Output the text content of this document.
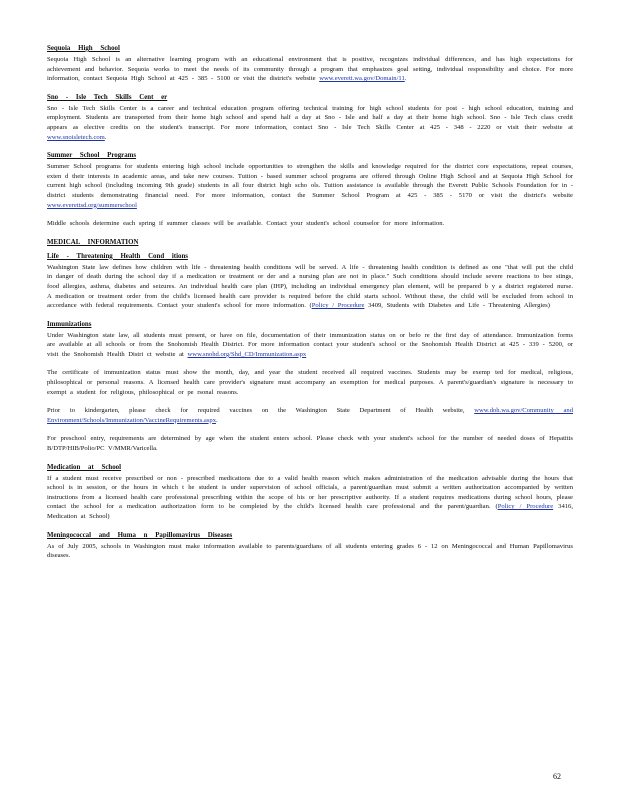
Sequoia High School

Sequoia High School is an alternative learning program with an educational environment that is positive, recognizes individual differences, and has high expectations for achievement and behavior. Sequoia works to meet the needs of its community through a program that emphasizes goal setting, individual responsibility and choice. For more information, contact Sequoia High School at 425 - 385 - 5100 or visit the district's website www.everett.wa.gov/Domain/11.

Sno - Isle Tech Skills Cent er

Sno - Isle Tech Skills Center is a career and technical education program offering technical training for high school students for post - high school education, training and employment. Students are transported from their home high school and spend half a day at Sno - Isle and half a day at their home high school. Sno - Isle Tech class credit appears as elective credits on the student's transcript. For more information, contact Sno - Isle Tech Skills Center at 425 - 348 - 2220 or visit their website at www.snoisletech.com.

Summer School Programs

Summer School programs for students entering high school include opportunities to strengthen the skills and knowledge required for the district core expectations, repeat courses, exten d their interests in academic areas, and take new courses. Tuition - based summer school programs are offered through Online High School and at Sequoia High School for current high school (including incoming 9th grade) students in all four district high scho ols. Tuition assistance is available through the Everett Public Schools Foundation for in - district students demonstrating financial need. For more information, contact the Summer School Program at 425 - 385 - 5170 or visit the district's website www.everettsd.org/summerschool

Middle schools determine each spring if summer classes will be available. Contact your student's school counselor for more information.

MEDICAL INFORMATION
Life - Threatening Health Cond itions

Washington State law defines how children with life - threatening health conditions will be served. A life - threatening health condition is defined as one "that will put the child in danger of death during the school day if a medication or treatment or der and a nursing plan are not in place." Such conditions should include severe reactions to bee stings, food allergies, asthma, diabetes and seizures. An individual health care plan (IHP), including an individual emergency plan element, will be prepared b y a district registered nurse. A medication or treatment order from the child's licensed health care provider is required before the child starts school. Without these, the child will be excluded from school in accordance with federal requirements. Contact your student's school for more information. (Policy / Procedure 3409, Students with Diabetes and Life - Threatening Allergies)

Immunizations

Under Washington state law, all students must present, or have on file, documentation of their immunization status on or befo re the first day of attendance. Immunization forms are available at all schools or from the Snohomish Health District. For more information contact your student's school or the Snohomish Health District at 425 - 339 - 5200, or visit the Snohomish Health Distri ct website at www.snohd.org/Shd_CD/Immunization.aspx

The certificate of immunization status must show the month, day, and year the student received all required vaccines. Students may be exemp ted for medical, religious, philosophical or personal reasons. A licensed health care provider's signature must accompany an exemption for medical purposes. A parent's/guardian's signature is necessary to exempt a student for religious, philosophical or pe rsonal reasons.

Prior to kindergarten, please check for required vaccines on the Washington State Department of Health website, www.doh.wa.gov/Community and Environment/Schools/Immunization/VaccineRequirements.aspx.

For preschool entry, requirements are determined by age when the student enters school. Please check with your student's school for the number of needed doses of Hepatitis B/DTP/HIB/Polio/PC V/MMR/Varicella.

Medication at School

If a student must receive prescribed or non - prescribed medications due to a valid health reason which makes administration of the medication advisable during the hours that school is in session, or the hours in which t he student is under supervision of school officials, a parent/guardian must submit a written authorization accompanied by written instructions from a licensed health care professional prescribing within the scope of his or her prescriptive authority. If a student requires medications during school hours, please contact the school for a medication authorization form to be completed by the child's licensed health care professional and the parent/guardian. (Policy / Procedure 3416, Medication at School)

Meningococcal and Huma n Papillomavirus Diseases

As of July 2005, schools in Washington must make information available to parents/guardians of all students entering grades 6 - 12 on Meningococcal and Human Papillomavirus diseases.

62
